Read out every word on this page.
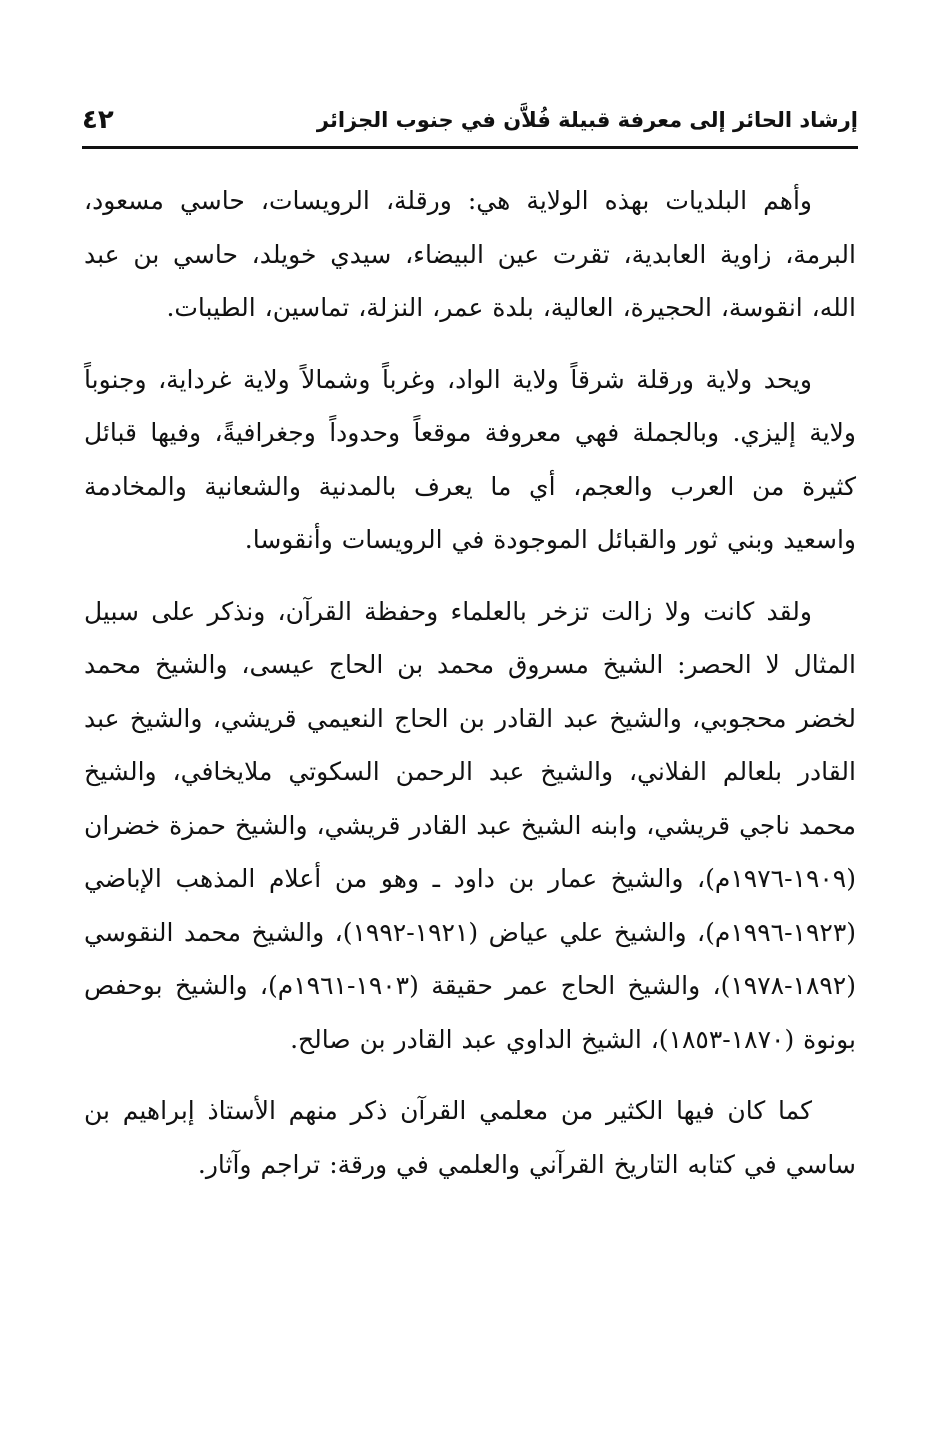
إرشاد الحائر إلى معرفة قبيلة فُلاَّن في جنوب الجزائر
٤٢

وأهم البلديات بهذه الولاية هي: ورقلة، الرويسات، حاسي مسعود، البرمة، زاوية العابدية، تقرت عين البيضاء، سيدي خويلد، حاسي بن عبد الله، انقوسة، الحجيرة، العالية، بلدة عمر، النزلة، تماسين، الطيبات.

ويحد ولاية ورقلة شرقاً ولاية الواد، وغرباً وشمالاً ولاية غرداية، وجنوباً ولاية إليزي. وبالجملة فهي معروفة موقعاً وحدوداً وجغرافيةً، وفيها قبائل كثيرة من العرب والعجم، أي ما يعرف بالمدنية والشعانية والمخادمة واسعيد وبني ثور والقبائل الموجودة في الرويسات وأنقوسا.

ولقد كانت ولا زالت تزخر بالعلماء وحفظة القرآن، ونذكر على سبيل المثال لا الحصر: الشيخ مسروق محمد بن الحاج عيسى، والشيخ محمد لخضر محجوبي، والشيخ عبد القادر بن الحاج النعيمي قريشي، والشيخ عبد القادر بلعالم الفلاني، والشيخ عبد الرحمن السكوتي ملايخافي، والشيخ محمد ناجي قريشي، وابنه الشيخ عبد القادر قريشي، والشيخ حمزة خضران (١٩٠٩-١٩٧٦م)، والشيخ عمار بن داود ـ وهو من أعلام المذهب الإباضي (١٩٢٣-١٩٩٦م)، والشيخ علي عياض (١٩٢١-١٩٩٢)، والشيخ محمد النقوسي (١٨٩٢-١٩٧٨)، والشيخ الحاج عمر حقيقة (١٩٠٣-١٩٦١م)، والشيخ بوحفص بونوة (١٨٧٠-١٨٥٣)، الشيخ الداوي عبد القادر بن صالح.

كما كان فيها الكثير من معلمي القرآن ذكر منهم الأستاذ إبراهيم بن ساسي في كتابه التاريخ القرآني والعلمي في ورقة: تراجم وآثار.
